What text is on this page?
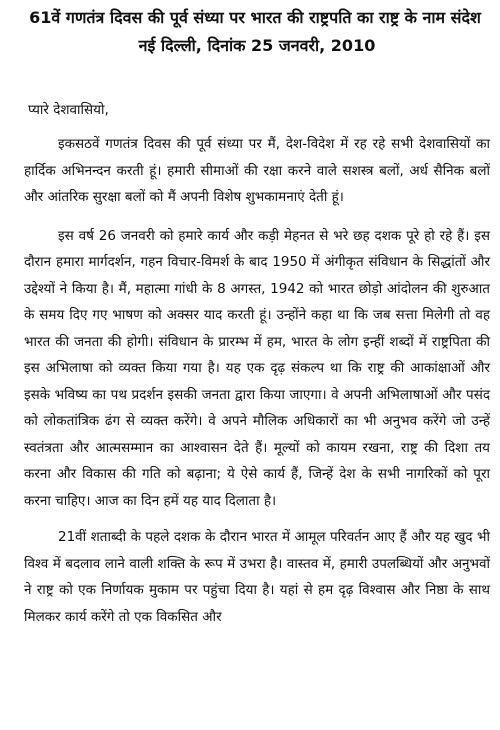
61वें गणतंत्र दिवस की पूर्व संध्या पर भारत की राष्ट्रपति का राष्ट्र के नाम संदेश

नई दिल्ली, दिनांक 25 जनवरी, 2010

प्यारे देशवासियो,

इकसठवें गणतंत्र दिवस की पूर्व संध्या पर मैं, देश-विदेश में रह रहे सभी देशवासियों का हार्दिक अभिनन्दन करती हूं। हमारी सीमाओं की रक्षा करने वाले सशस्त्र बलों, अर्ध सैनिक बलों और आंतरिक सुरक्षा बलों को मैं अपनी विशेष शुभकामनाएं देती हूं।

इस वर्ष 26 जनवरी को हमारे कार्य और कड़ी मेहनत से भरे छह दशक पूरे हो रहे हैं। इस दौरान हमारा मार्गदर्शन, गहन विचार-विमर्श के बाद 1950 में अंगीकृत संविधान के सिद्धांतों और उद्देश्यों ने किया है। मैं, महात्मा गांधी के 8 अगस्त, 1942 को भारत छोड़ो आंदोलन की शुरुआत के समय दिए गए भाषण को अक्सर याद करती हूं। उन्होंने कहा था कि जब सत्ता मिलेगी तो वह भारत की जनता की होगी। संविधान के प्रारम्भ में हम, भारत के लोग इन्हीं शब्दों में राष्ट्रपिता की इस अभिलाषा को व्यक्त किया गया है। यह एक दृढ़ संकल्प था कि राष्ट्र की आकांक्षाओं और इसके भविष्य का पथ प्रदर्शन इसकी जनता द्वारा किया जाएगा। वे अपनी अभिलाषाओं और पसंद को लोकतांत्रिक ढंग से व्यक्त करेंगे। वे अपने मौलिक अधिकारों का भी अनुभव करेंगे जो उन्हें स्वतंत्रता और आत्मसम्मान का आश्वासन देते हैं। मूल्यों को कायम रखना, राष्ट्र की दिशा तय करना और विकास की गति को बढ़ाना; ये ऐसे कार्य हैं, जिन्हें देश के सभी नागरिकों को पूरा करना चाहिए। आज का दिन हमें यह याद दिलाता है।

21वीं शताब्दी के पहले दशक के दौरान भारत में आमूल परिवर्तन आए हैं और यह खुद भी विश्व में बदलाव लाने वाली शक्ति के रूप में उभरा है। वास्तव में, हमारी उपलब्धियों और अनुभवों ने राष्ट्र को एक निर्णायक मुकाम पर पहुंचा दिया है। यहां से हम दृढ़ विश्वास और निष्ठा के साथ मिलकर कार्य करेंगे तो एक विकसित और
